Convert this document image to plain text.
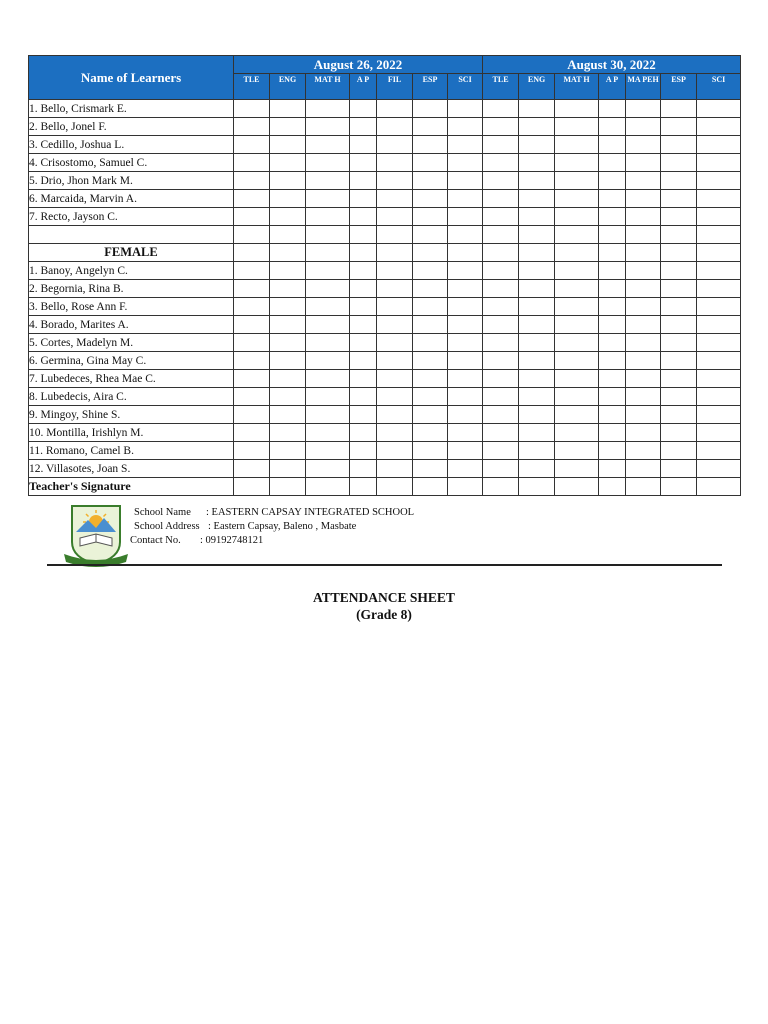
Name of Learners	August 26, 2022							August 30, 2022						
	TLE	ENG	MAT H	A P	FIL	ESP	SCI	TLE	ENG	MAT H	A P	MA PEH	ESP	SCI
1. Bello, Crismark E.														
2. Bello, Jonel F.														
3. Cedillo, Joshua L.														
4. Crisostomo, Samuel C.														
5. Drio, Jhon Mark M.														
6. Marcaida, Marvin A.														
7. Recto, Jayson C.														

FEMALE														
1. Banoy, Angelyn C.														
2. Begornia, Rina B.														
3. Bello, Rose Ann F.														
4. Borado, Marites A.														
5. Cortes, Madelyn M.														
6. Germina, Gina May C.														
7. Lubedeces, Rhea Mae C.														
8. Lubedecis, Aira C.														
9. Mingoy, Shine S.														
10. Montilla, Irishlyn M.														
11. Romano, Camel B.														
12. Villasotes, Joan S.														
Teacher's Signature														
School Name : EASTERN CAPSAY INTEGRATED SCHOOL
School Address : Eastern Capsay, Baleno , Masbate
Contact No. : 09192748121
ATTENDANCE SHEET
(Grade 8)
